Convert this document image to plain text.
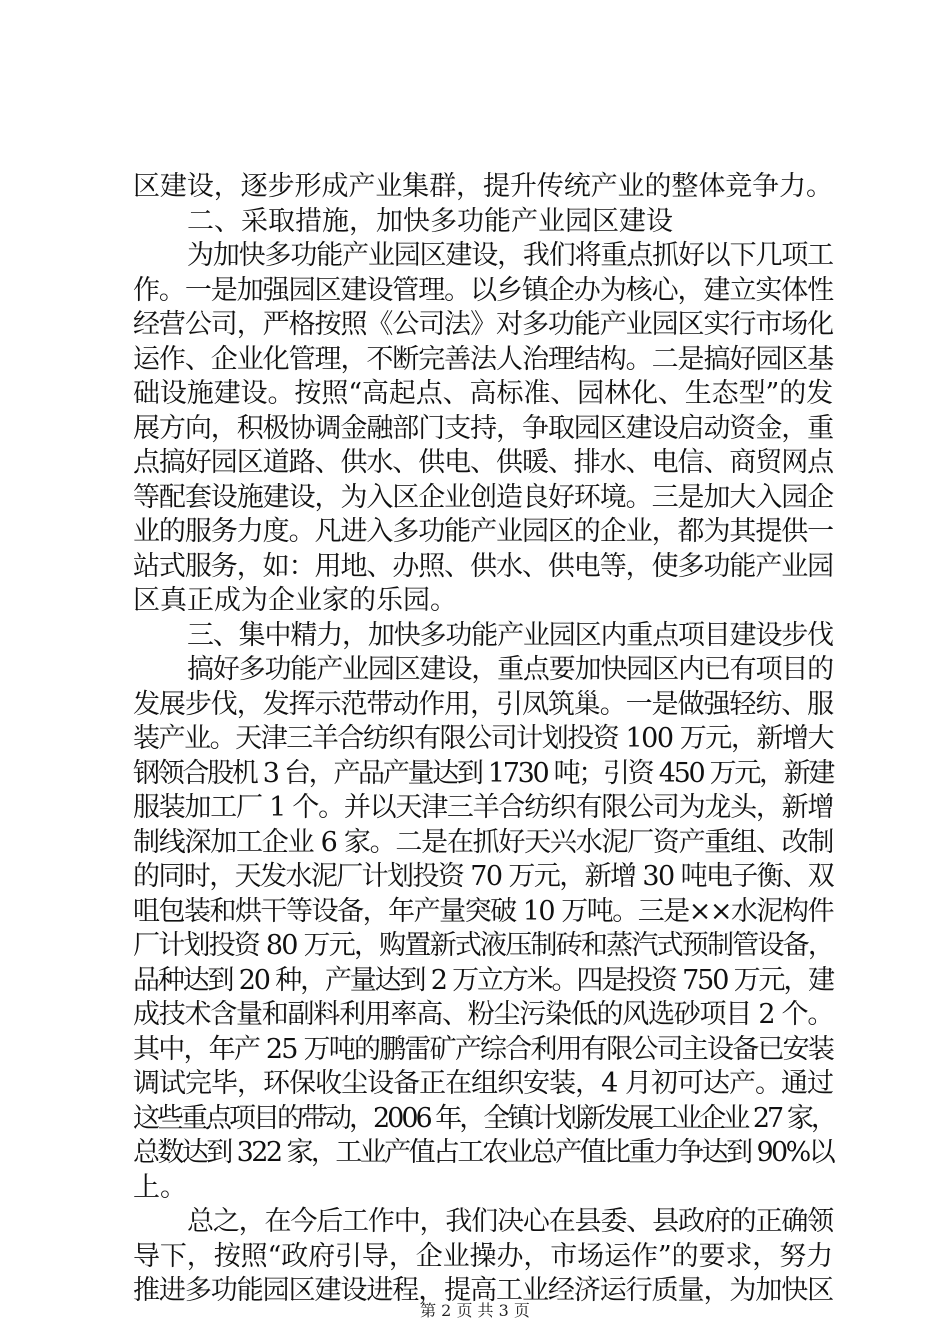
区建设，逐步形成产业集群，提升传统产业的整体竞争力。
二、采取措施，加快多功能产业园区建设
为加快多功能产业园区建设，我们将重点抓好以下几项工
作。一是加强园区建设管理。以乡镇企办为核心，建立实体性
经营公司，严格按照《公司法》对多功能产业园区实行市场化
运作、企业化管理，不断完善法人治理结构。二是搞好园区基
础设施建设。按照“高起点、高标准、园林化、生态型”的发
展方向，积极协调金融部门支持，争取园区建设启动资金，重
点搞好园区道路、供水、供电、供暖、排水、电信、商贸网点
等配套设施建设，为入区企业创造良好环境。三是加大入园企
业的服务力度。凡进入多功能产业园区的企业，都为其提供一
站式服务，如：用地、办照、供水、供电等，使多功能产业园
区真正成为企业家的乐园。
三、集中精力，加快多功能产业园区内重点项目建设步伐
搞好多功能产业园区建设，重点要加快园区内已有项目的
发展步伐，发挥示范带动作用，引凤筑巢。一是做强轻纺、服
装产业。天津三羊合纺织有限公司计划投资 100 万元，新增大
钢领合股机 3 台，产品产量达到 1730 吨；引资 450 万元，新建
服装加工厂 1 个。并以天津三羊合纺织有限公司为龙头，新增
制线深加工企业 6 家。二是在抓好天兴水泥厂资产重组、改制
的同时，天发水泥厂计划投资 70 万元，新增 30 吨电子衡、双
咀包装和烘干等设备，年产量突破 10 万吨。三是××水泥构件
厂计划投资 80 万元，购置新式液压制砖和蒸汽式预制管设备，
品种达到 20 种，产量达到 2 万立方米。四是投资 750 万元，建
成技术含量和副料利用率高、粉尘污染低的风选砂项目 2 个。
其中，年产 25 万吨的鹏雷矿产综合利用有限公司主设备已安装
调试完毕，环保收尘设备正在组织安装，4 月初可达产。通过
这些重点项目的带动，2006 年，全镇计划新发展工业企业 27 家，
总数达到 322 家，工业产值占工农业总产值比重力争达到 90%以
上。
总之，在今后工作中，我们决心在县委、县政府的正确领
导下，按照“政府引导，企业操办，市场运作”的要求，努力
推进多功能园区建设进程，提高工业经济运行质量，为加快区
第 2 页 共 3 页
